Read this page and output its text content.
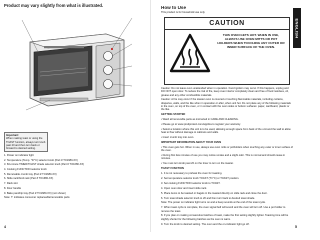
Product may vary slightly from what is illustrated.
Important:
When making toast or using the TOAST function, always turn knob past 20 and then turn back or forward to desired setting.
1. Power on indicator light
2. Temperature (Temp. °F/°C) selector knob (Part # TO1680-XX)
3. 60-minute TIMER/TOAST shade selector knob (Part # TO1680-XX)
4. Cooking FUNCTION selector knob
5. Removable crumb tray (Part # TO1680-XX)
6. Slide rack/broil rack (Part # TO1680-XX)
7. Rack slot
8. Door handle
9. Bake pan/drip tray (Part # TO1680-XX) (not shown)
Note: ✝ indicates consumer replaceable/removable parts
4
ENGLISH
How to Use
This product is for household use only.
CAUTION
THIS OVEN GETS HOT. WHEN IN USE, ALWAYS USE OVEN MITTS OR POT HOLDERS WHEN TOUCHING ANY OUTER OR INNER SURFACE OF THE OVEN.

Caution: Do not leave oven unattended when in operation. Food ignition may occur. If this happens, unplug and DO NOT open door. To reduce the risk of fire, keep oven interior completely clean and free of food residues, oil, grease and any other combustible materials.

Caution: A fire may occur if the toaster oven is covered or touching flammable materials, including curtains, draperies, walls, and the like when in operation or after, when unit hot. Do not place any of the following materials in the oven, on top of the oven, or in contact with the oven sides or bottom surfaces: paper, cardboard, plastic or the like.

GETTING STARTED

• Wash all removable parts as instructed in CARE AND CLEANING.

• Please go to www.prodprotect.com/applica to register your warranty.

• Select a location where this unit is to be used, allowing enough space from back of the unit and the wall to allow heat to flow without damage to cabinets and walls.

• Insert crumb tray into oven.

IMPORTANT INFORMATION ABOUT YOUR OVEN

• This oven gets hot. When in use, always use oven mitts or potholders when touching any outer or inner surface of the oven.

• During first few minutes of use you may notice smoke and a slight odor. This is normal and should cease in minutes.

• You must turn knob past 20 on the timer to turn on the toaster.

TOAST FUNCTION

1. It is not necessary to preheat the oven for toasting.

2. Set temperature selector knob TOAST (°F/°C) or TOAST position.

3. Set cooking FUNCTION selector knob to TOAST.

4. Open oven door and insert slide rack.

5. Place items to be toasted or bagels in the toasted directly on slide rack and close the door.

6. Turn toast shade selector knob to 20 and then turn back to desired toast shade.

Note: The power on indicator light turns on and a beep sounds at the end of the toast cycle.

7. When toast cycle is complete, the oven signal bell will sound and the oven will turn off. Use a pot holder to remove the toast.

8. If you plan on making consecutive batches of toast, make the first setting slightly lighter. Toasting time will be slightly shorter for the following batches as the oven is warm.

9. Turn the knob to desired setting. The oven and the on-indicator light go off.

5
